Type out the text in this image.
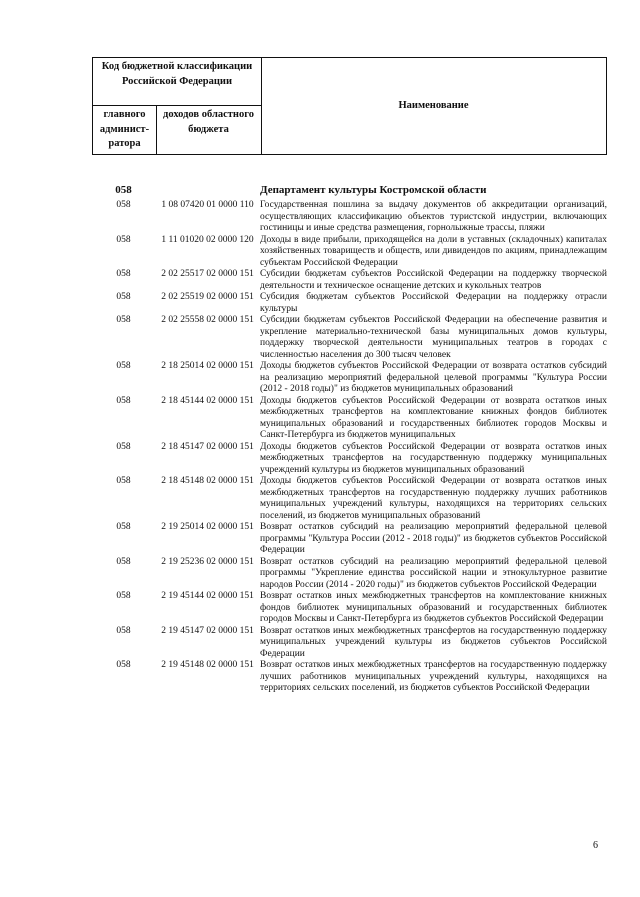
Код бюджетной классификации Российской Федерации
Наименование
главного админист-ратора
доходов областного бюджета
058	Департамент культуры Костромской области
058	1 08 07420 01 0000 110 Государственная пошлина за выдачу документов об аккредитации организаций, осуществляющих классификацию объектов туристской индустрии, включающих гостиницы и иные средства размещения, горнолыжные трассы, пляжи
058	1 11 01020 02 0000 120 Доходы в виде прибыли, приходящейся на доли в уставных (складочных) капиталах хозяйственных товариществ и обществ, или дивидендов по акциям, принадлежащим субъектам Российской Федерации
058	2 02 25517 02 0000 151 Субсидии бюджетам субъектов Российской Федерации на поддержку творческой деятельности и техническое оснащение детских и кукольных театров
058	2 02 25519 02 0000 151 Субсидия бюджетам субъектов Российской Федерации на поддержку отрасли культуры
058	2 02 25558 02 0000 151 Субсидии бюджетам субъектов Российской Федерации на обеспечение развития и укрепление материально-технической базы муниципальных домов культуры, поддержку творческой деятельности муниципальных театров в городах с численностью населения до 300 тысяч человек
058	2 18 25014 02 0000 151 Доходы бюджетов субъектов Российской Федерации от возврата остатков субсидий на реализацию мероприятий федеральной целевой программы "Культура России (2012 - 2018 годы)" из бюджетов муниципальных образований
058	2 18 45144 02 0000 151 Доходы бюджетов субъектов Российской Федерации от возврата остатков иных межбюджетных трансфертов на комплектование книжных фондов библиотек муниципальных образований и государственных библиотек городов Москвы и Санкт-Петербурга из бюджетов муниципальных
058	2 18 45147 02 0000 151 Доходы бюджетов субъектов Российской Федерации от возврата остатков иных межбюджетных трансфертов на государственную поддержку муниципальных учреждений культуры из бюджетов муниципальных образований
058	2 18 45148 02 0000 151 Доходы бюджетов субъектов Российской Федерации от возврата остатков иных межбюджетных трансфертов на государственную поддержку лучших работников муниципальных учреждений культуры, находящихся на территориях сельских поселений, из бюджетов муниципальных образований
058	2 19 25014 02 0000 151 Возврат остатков субсидий на реализацию мероприятий федеральной целевой программы "Культура России (2012 - 2018 годы)" из бюджетов субъектов Российской Федерации
058	2 19 25236 02 0000 151 Возврат остатков субсидий на реализацию мероприятий федеральной целевой программы "Укрепление единства российской нации и этнокультурное развитие народов России (2014 - 2020 годы)" из бюджетов субъектов Российской Федерации
058	2 19 45144 02 0000 151 Возврат остатков иных межбюджетных трансфертов на комплектование книжных фондов библиотек муниципальных образований и государственных библиотек городов Москвы и Санкт-Петербурга из бюджетов субъектов Российской Федерации
058	2 19 45147 02 0000 151 Возврат остатков иных межбюджетных трансфертов на государственную поддержку муниципальных учреждений культуры из бюджетов субъектов Российской Федерации
058	2 19 45148 02 0000 151 Возврат остатков иных межбюджетных трансфертов на государственную поддержку лучших работников муниципальных учреждений культуры, находящихся на территориях сельских поселений, из бюджетов субъектов Российской Федерации
6
